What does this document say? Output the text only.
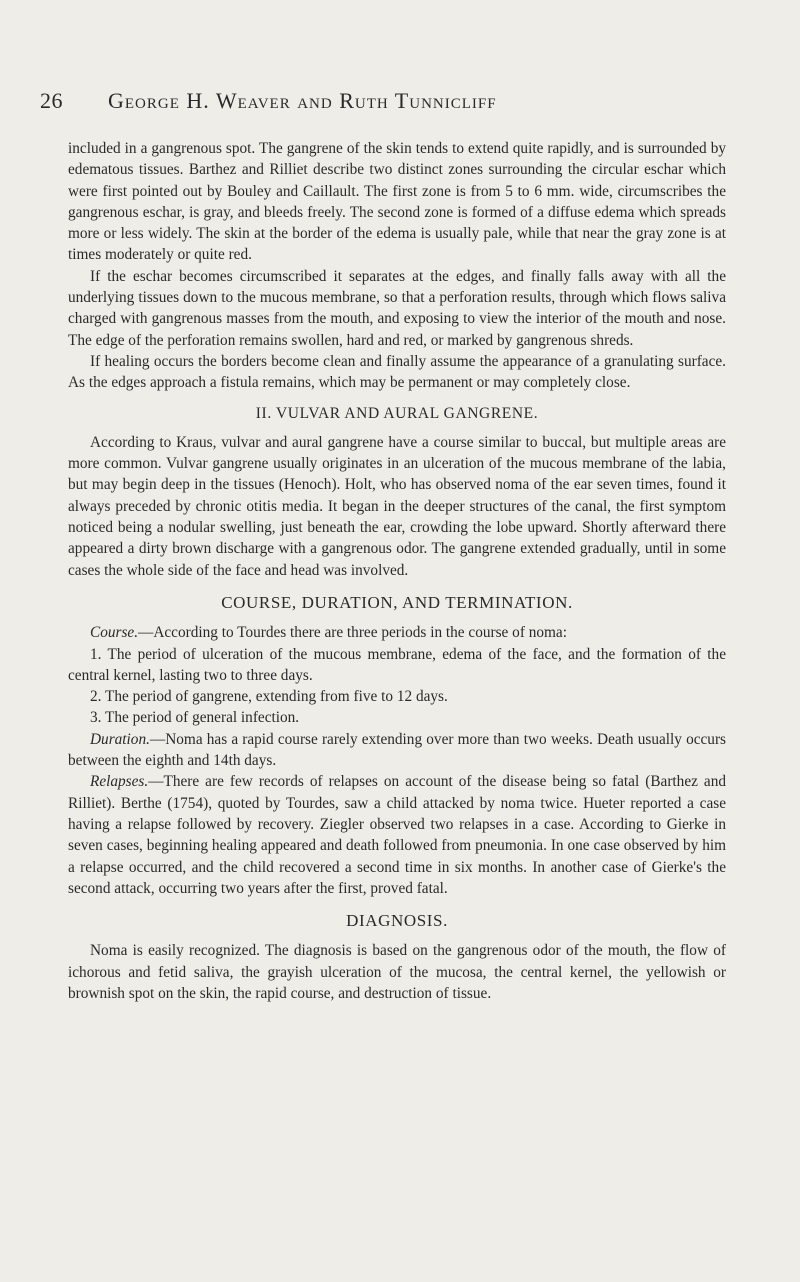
26 George H. Weaver and Ruth Tunnicliff

included in a gangrenous spot. The gangrene of the skin tends to extend quite rapidly, and is surrounded by edematous tissues. Barthez and Rilliet describe two distinct zones surrounding the circular eschar which were first pointed out by Bouley and Caillault. The first zone is from 5 to 6 mm. wide, circumscribes the gangrenous eschar, is gray, and bleeds freely. The second zone is formed of a diffuse edema which spreads more or less widely. The skin at the border of the edema is usually pale, while that near the gray zone is at times moderately or quite red.

If the eschar becomes circumscribed it separates at the edges, and finally falls away with all the underlying tissues down to the mucous membrane, so that a perforation results, through which flows saliva charged with gangrenous masses from the mouth, and exposing to view the interior of the mouth and nose. The edge of the perforation remains swollen, hard and red, or marked by gangrenous shreds.

If healing occurs the borders become clean and finally assume the appearance of a granulating surface. As the edges approach a fistula remains, which may be permanent or may completely close.

II. VULVAR AND AURAL GANGRENE.

According to Kraus, vulvar and aural gangrene have a course similar to buccal, but multiple areas are more common. Vulvar gangrene usually originates in an ulceration of the mucous membrane of the labia, but may begin deep in the tissues (Henoch). Holt, who has observed noma of the ear seven times, found it always preceded by chronic otitis media. It began in the deeper structures of the canal, the first symptom noticed being a nodular swelling, just beneath the ear, crowding the lobe upward. Shortly afterward there appeared a dirty brown discharge with a gangrenous odor. The gangrene extended gradually, until in some cases the whole side of the face and head was involved.

COURSE, DURATION, AND TERMINATION.

Course.—According to Tourdes there are three periods in the course of noma:

1. The period of ulceration of the mucous membrane, edema of the face, and the formation of the central kernel, lasting two to three days.

2. The period of gangrene, extending from five to 12 days.

3. The period of general infection.

Duration.—Noma has a rapid course rarely extending over more than two weeks. Death usually occurs between the eighth and 14th days.

Relapses.—There are few records of relapses on account of the disease being so fatal (Barthez and Rilliet). Berthe (1754), quoted by Tourdes, saw a child attacked by noma twice. Hueter reported a case having a relapse followed by recovery. Ziegler observed two relapses in a case. According to Gierke in seven cases, beginning healing appeared and death followed from pneumonia. In one case observed by him a relapse occurred, and the child recovered a second time in six months. In another case of Gierke's the second attack, occurring two years after the first, proved fatal.

DIAGNOSIS.

Noma is easily recognized. The diagnosis is based on the gangrenous odor of the mouth, the flow of ichorous and fetid saliva, the grayish ulceration of the mucosa, the central kernel, the yellowish or brownish spot on the skin, the rapid course, and destruction of tissue.
